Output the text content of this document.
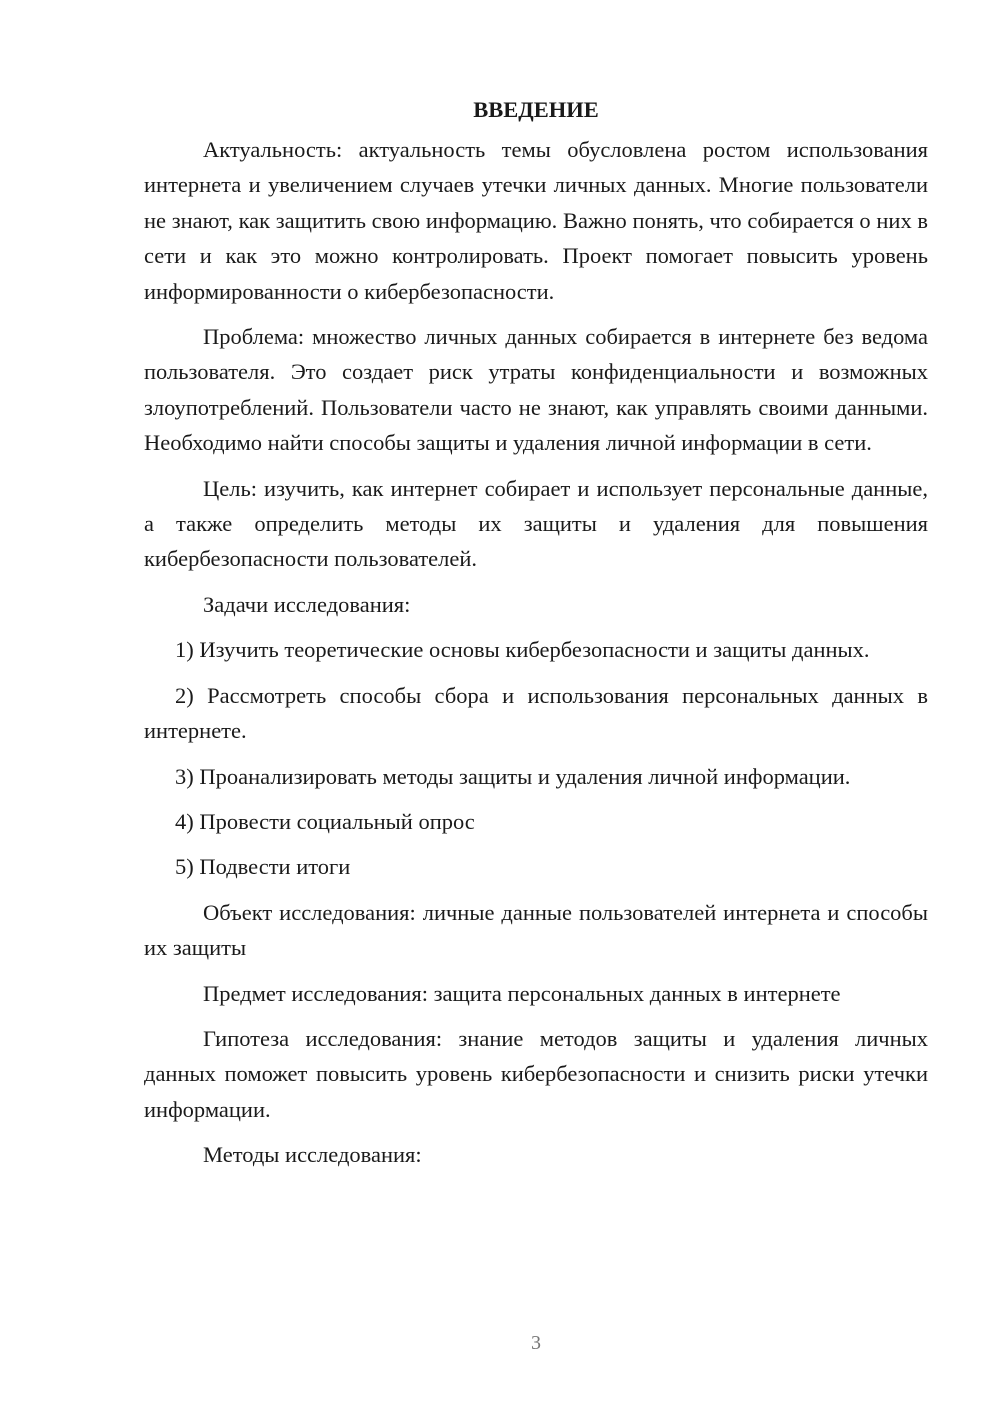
ВВЕДЕНИЕ

Актуальность: актуальность темы обусловлена ростом использования интернета и увеличением случаев утечки личных данных. Многие пользователи не знают, как защитить свою информацию. Важно понять, что собирается о них в сети и как это можно контролировать. Проект помогает повысить уровень информированности о кибербезопасности.

Проблема: множество личных данных собирается в интернете без ведома пользователя. Это создает риск утраты конфиденциальности и возможных злоупотреблений. Пользователи часто не знают, как управлять своими данными. Необходимо найти способы защиты и удаления личной информации в сети.

Цель: изучить, как интернет собирает и использует персональные данные, а также определить методы их защиты и удаления для повышения кибербезопасности пользователей.

Задачи исследования:

1) Изучить теоретические основы кибербезопасности и защиты данных.

2) Рассмотреть способы сбора и использования персональных данных в интернете.

3) Проанализировать методы защиты и удаления личной информации.

4) Провести социальный опрос

5) Подвести итоги

Объект исследования: личные данные пользователей интернета и способы их защиты

Предмет исследования: защита персональных данных в интернете

Гипотеза исследования: знание методов защиты и удаления личных данных поможет повысить уровень кибербезопасности и снизить риски утечки информации.

Методы исследования:

3
